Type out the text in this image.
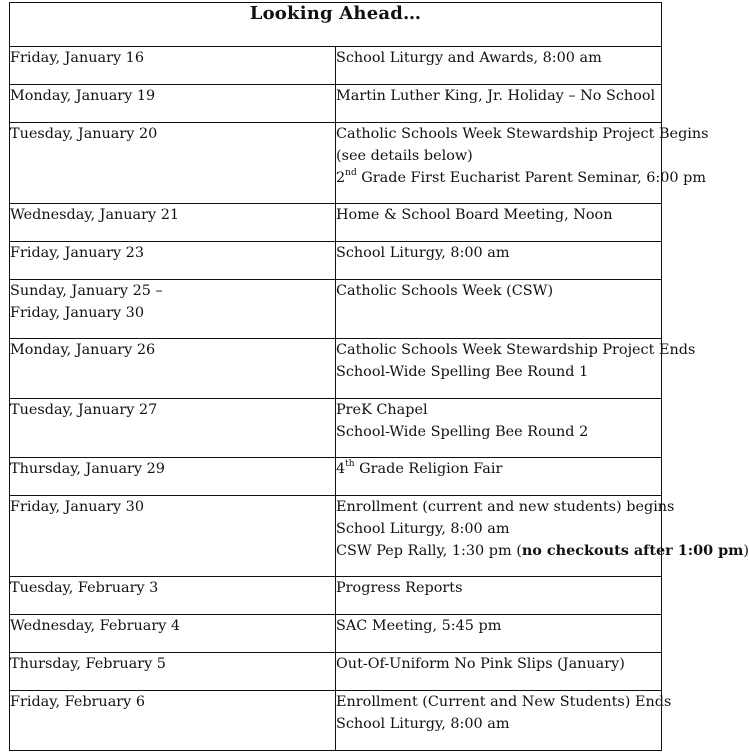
Looking Ahead…	

Friday, January 16	School Liturgy and Awards, 8:00 am

Monday, January 19	Martin Luther King, Jr. Holiday – No School

Tuesday, January 20	Catholic Schools Week Stewardship Project Begins
(see details below)
2nd Grade First Eucharist Parent Seminar, 6:00 pm

Wednesday, January 21	Home & School Board Meeting, Noon

Friday, January 23	School Liturgy, 8:00 am

Sunday, January 25 –
Friday, January 30	Catholic Schools Week (CSW)

Monday, January 26	Catholic Schools Week Stewardship Project Ends
School-Wide Spelling Bee Round 1

Tuesday, January 27	PreK Chapel
School-Wide Spelling Bee Round 2

Thursday, January 29	4th Grade Religion Fair

Friday, January 30	Enrollment (current and new students) begins
School Liturgy, 8:00 am
CSW Pep Rally, 1:30 pm (no checkouts after 1:00 pm)

Tuesday, February 3	Progress Reports

Wednesday, February 4	SAC Meeting, 5:45 pm

Thursday, February 5	Out-Of-Uniform No Pink Slips (January)

Friday, February 6	Enrollment (Current and New Students) Ends
School Liturgy, 8:00 am
